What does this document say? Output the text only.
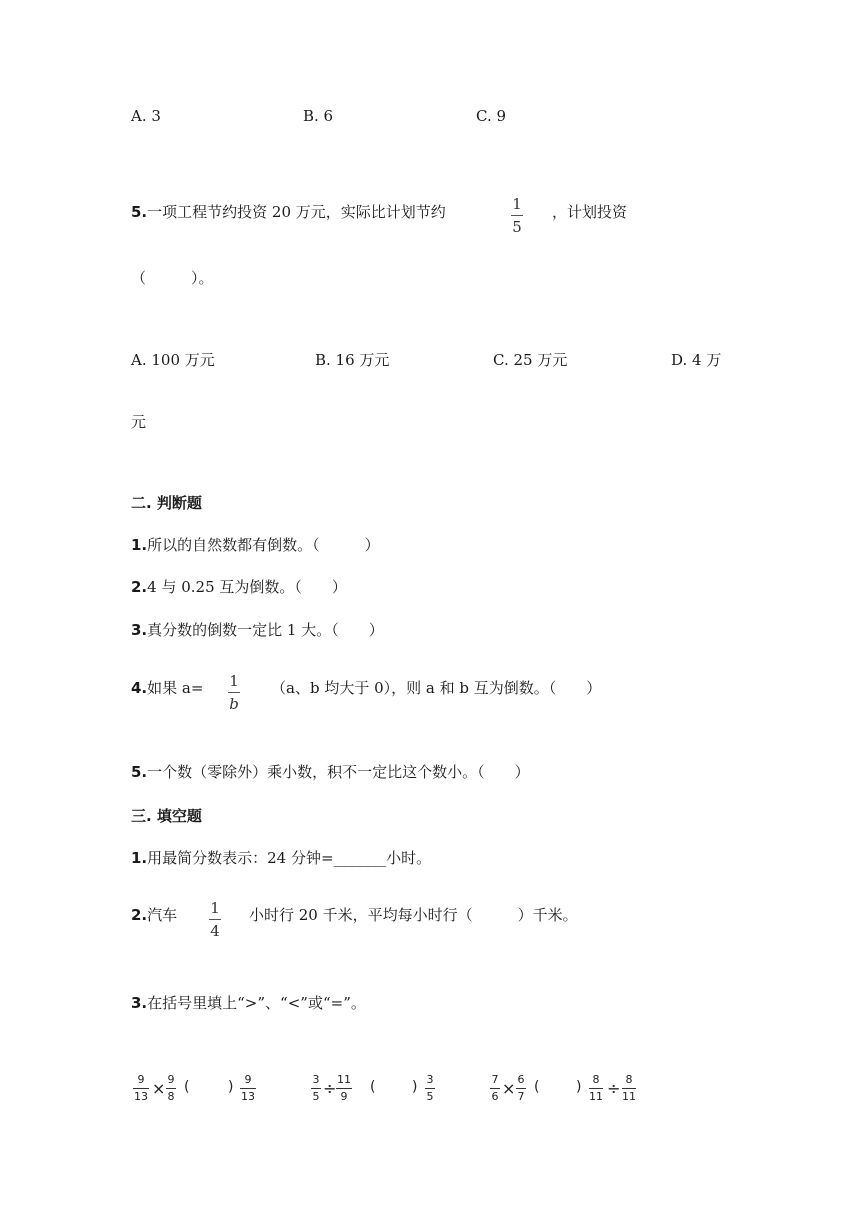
A. 3	B. 6	C. 9
5.一项工程节约投资 20 万元，实际比计划节约	1
5
，计划投资
（　　　）。
A. 100 万元	B. 16 万元	C. 25 万元	D. 4 万
元
二. 判断题
1.所以的自然数都有倒数。（　　　）
2.4 与 0.25 互为倒数。（　　）
3.真分数的倒数一定比 1 大。（　　）
4.如果 a= 1
b
（a、b 均大于 0），则 a 和 b 互为倒数。（　　）
5.一个数（零除外）乘小数，积不一定比这个数小。（　　）
三. 填空题
1.用最简分数表示：24 分钟=_______小时。
2.汽车 1
4
小时行 20 千米，平均每小时行（　　　）千米。
3.在括号里填上“>”、“<”或“=”。
9
13 × 9
8
(	) 9
13
3
5 ÷ 11
9
(	) 3
5
7
6 × 6
7
(	) 8
11 ÷ 8
11
